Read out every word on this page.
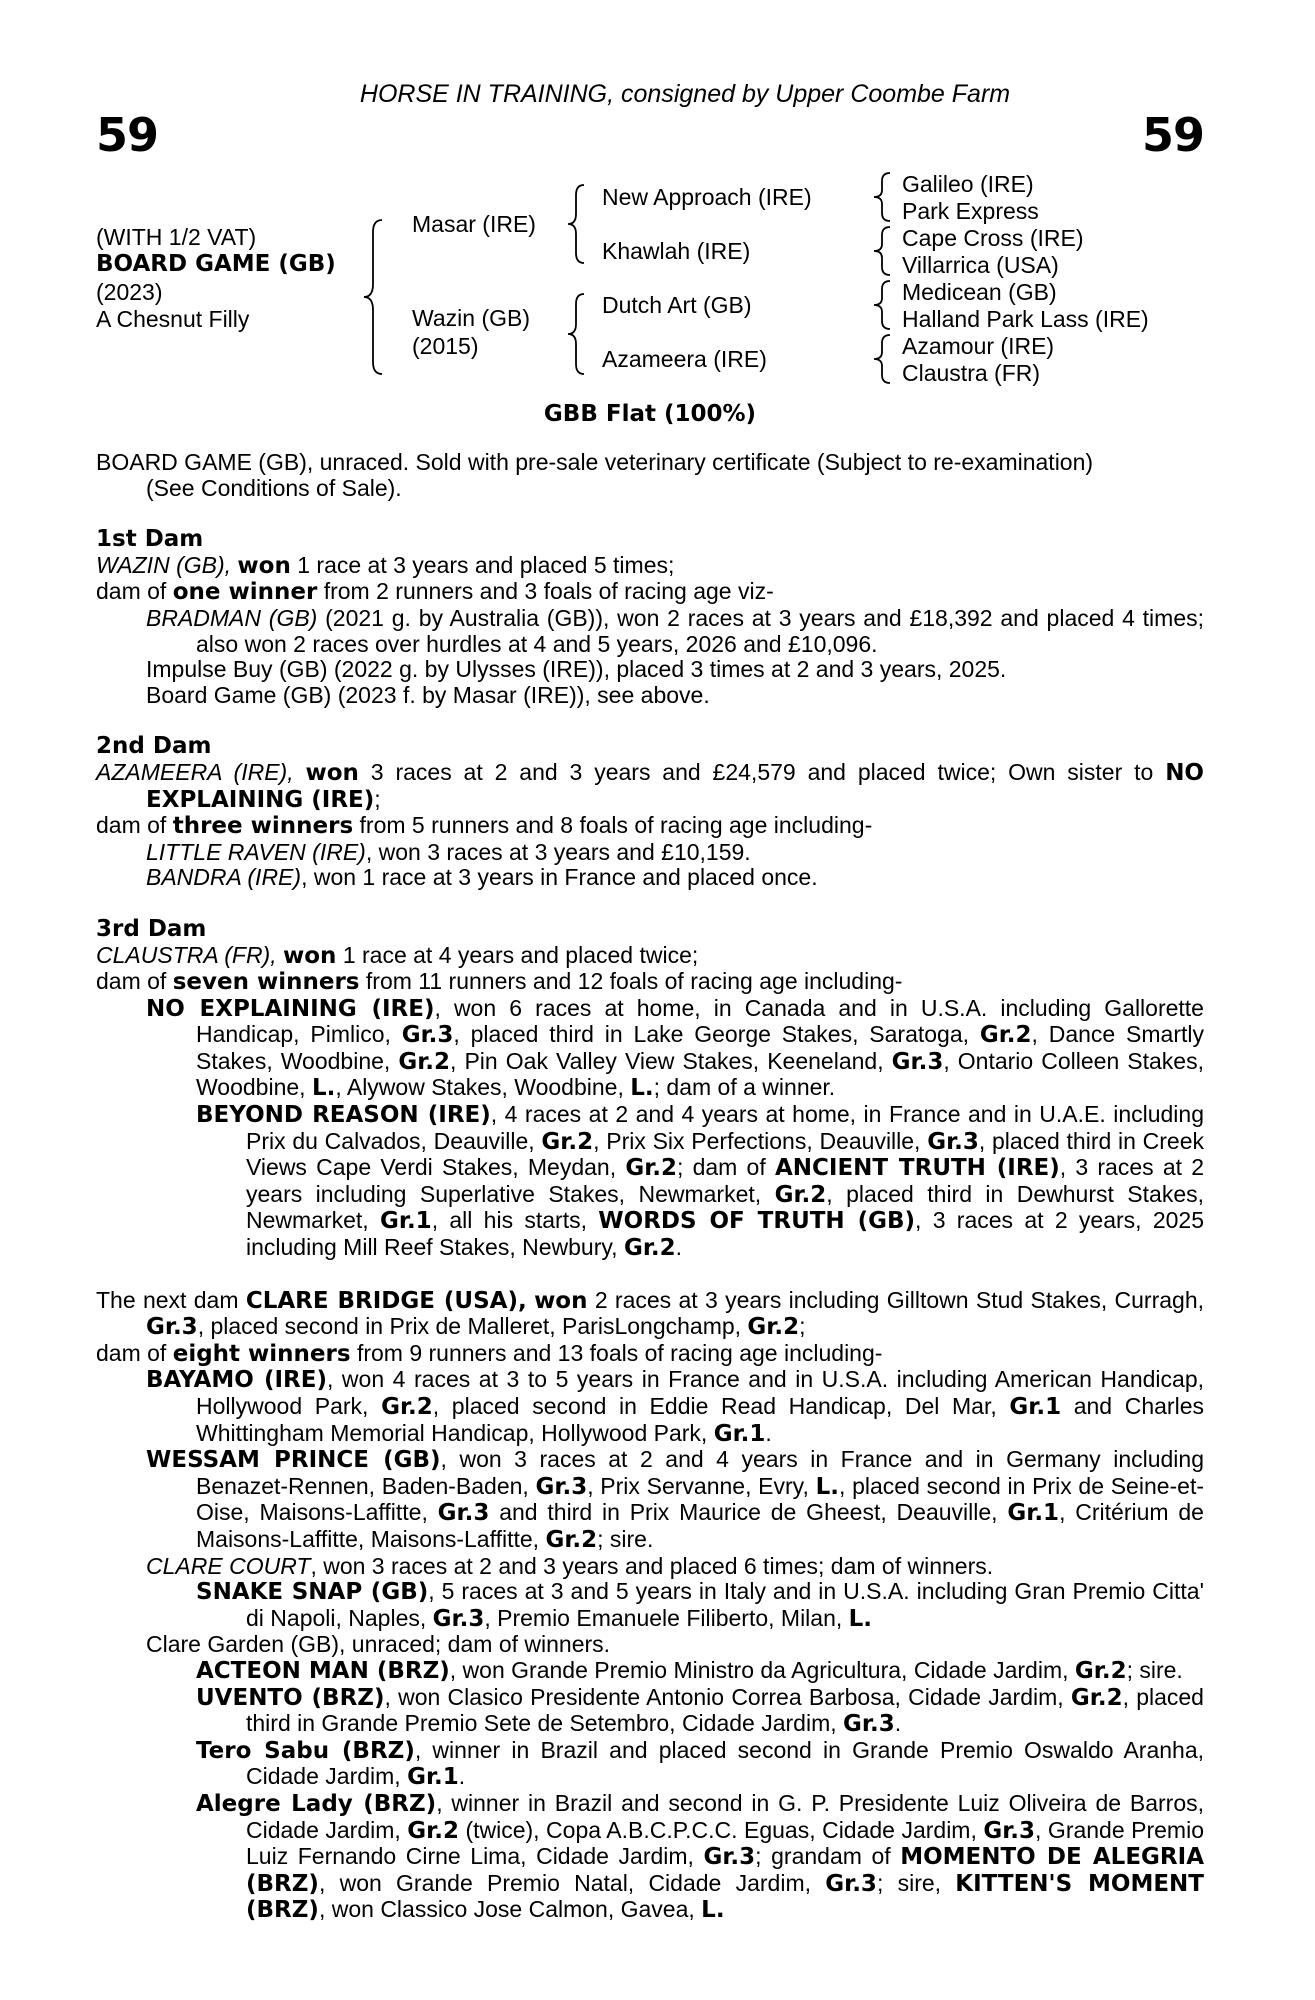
59
HORSE IN TRAINING, consigned by Upper Coombe Farm
59
(WITH 1/2 VAT)
BOARD GAME (GB)
(2023)
A Chesnut Filly
Masar (IRE)
Wazin (GB)
(2015)
New Approach (IRE)
Khawlah (IRE)
Dutch Art (GB)
Azameera (IRE)
Galileo (IRE)
Park Express
Cape Cross (IRE)
Villarrica (USA)
Medicean (GB)
Halland Park Lass (IRE)
Azamour (IRE)
Claustra (FR)
GBB Flat (100%)

BOARD GAME (GB), unraced. Sold with pre-sale veterinary certificate (Subject to re-examination)
(See Conditions of Sale).

1st Dam

WAZIN (GB), won 1 race at 3 years and placed 5 times;

dam of one winner from 2 runners and 3 foals of racing age viz-

BRADMAN (GB) (2021 g. by Australia (GB)), won 2 races at 3 years and £18,392 and placed 4 times; also won 2 races over hurdles at 4 and 5 years, 2026 and £10,096.

Impulse Buy (GB) (2022 g. by Ulysses (IRE)), placed 3 times at 2 and 3 years, 2025.

Board Game (GB) (2023 f. by Masar (IRE)), see above.

2nd Dam

AZAMEERA (IRE), won 3 races at 2 and 3 years and £24,579 and placed twice; Own sister to NO EXPLAINING (IRE);

dam of three winners from 5 runners and 8 foals of racing age including-

LITTLE RAVEN (IRE), won 3 races at 3 years and £10,159.

BANDRA (IRE), won 1 race at 3 years in France and placed once.

3rd Dam

CLAUSTRA (FR), won 1 race at 4 years and placed twice;

dam of seven winners from 11 runners and 12 foals of racing age including-

NO EXPLAINING (IRE), won 6 races at home, in Canada and in U.S.A. including Gallorette Handicap, Pimlico, Gr.3, placed third in Lake George Stakes, Saratoga, Gr.2, Dance Smartly Stakes, Woodbine, Gr.2, Pin Oak Valley View Stakes, Keeneland, Gr.3, Ontario Colleen Stakes, Woodbine, L., Alywow Stakes, Woodbine, L.; dam of a winner.

BEYOND REASON (IRE), 4 races at 2 and 4 years at home, in France and in U.A.E. including Prix du Calvados, Deauville, Gr.2, Prix Six Perfections, Deauville, Gr.3, placed third in Creek Views Cape Verdi Stakes, Meydan, Gr.2; dam of ANCIENT TRUTH (IRE), 3 races at 2 years including Superlative Stakes, Newmarket, Gr.2, placed third in Dewhurst Stakes, Newmarket, Gr.1, all his starts, WORDS OF TRUTH (GB), 3 races at 2 years, 2025 including Mill Reef Stakes, Newbury, Gr.2.

The next dam CLARE BRIDGE (USA), won 2 races at 3 years including Gilltown Stud Stakes, Curragh, Gr.3, placed second in Prix de Malleret, ParisLongchamp, Gr.2;

dam of eight winners from 9 runners and 13 foals of racing age including-

BAYAMO (IRE), won 4 races at 3 to 5 years in France and in U.S.A. including American Handicap, Hollywood Park, Gr.2, placed second in Eddie Read Handicap, Del Mar, Gr.1 and Charles Whittingham Memorial Handicap, Hollywood Park, Gr.1.

WESSAM PRINCE (GB), won 3 races at 2 and 4 years in France and in Germany including Benazet-Rennen, Baden-Baden, Gr.3, Prix Servanne, Evry, L., placed second in Prix de Seine-et-Oise, Maisons-Laffitte, Gr.3 and third in Prix Maurice de Gheest, Deauville, Gr.1, Critérium de Maisons-Laffitte, Maisons-Laffitte, Gr.2; sire.

CLARE COURT, won 3 races at 2 and 3 years and placed 6 times; dam of winners.

SNAKE SNAP (GB), 5 races at 3 and 5 years in Italy and in U.S.A. including Gran Premio Citta' di Napoli, Naples, Gr.3, Premio Emanuele Filiberto, Milan, L.

Clare Garden (GB), unraced; dam of winners.

ACTEON MAN (BRZ), won Grande Premio Ministro da Agricultura, Cidade Jardim, Gr.2; sire.

UVENTO (BRZ), won Clasico Presidente Antonio Correa Barbosa, Cidade Jardim, Gr.2, placed third in Grande Premio Sete de Setembro, Cidade Jardim, Gr.3.

Tero Sabu (BRZ), winner in Brazil and placed second in Grande Premio Oswaldo Aranha, Cidade Jardim, Gr.1.

Alegre Lady (BRZ), winner in Brazil and second in G. P. Presidente Luiz Oliveira de Barros, Cidade Jardim, Gr.2 (twice), Copa A.B.C.P.C.C. Eguas, Cidade Jardim, Gr.3, Grande Premio Luiz Fernando Cirne Lima, Cidade Jardim, Gr.3; grandam of MOMENTO DE ALEGRIA (BRZ), won Grande Premio Natal, Cidade Jardim, Gr.3; sire, KITTEN'S MOMENT (BRZ), won Classico Jose Calmon, Gavea, L.
